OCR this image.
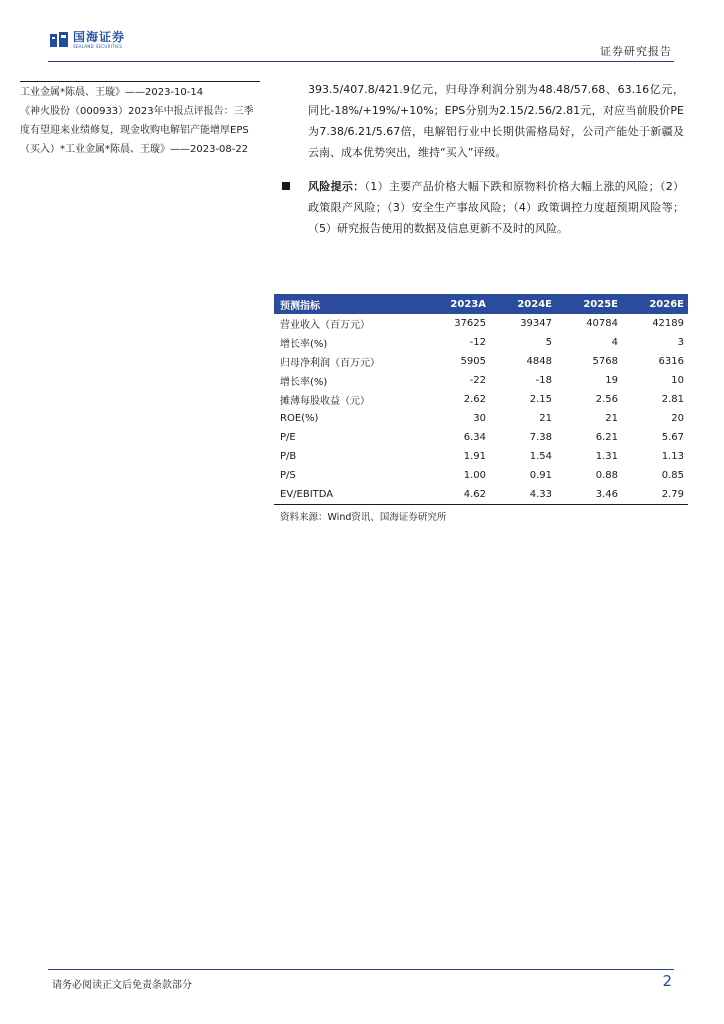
国海证券
SEALAND SECURITIES	证券研究报告

工业金属*陈晨、王璇》——2023-10-14

《神火股份（000933）2023年中报点评报告：三季度有望迎来业绩修复，现金收购电解铝产能增厚EPS（买入）*工业金属*陈晨、王璇》——2023-08-22

393.5/407.8/421.9亿元，归母净利润分别为48.48/57.68、63.16亿元，同比-18%/+19%/+10%；EPS分别为2.15/2.56/2.81元，对应当前股价PE为7.38/6.21/5.67倍，电解铝行业中长期供需格局好，公司产能处于新疆及云南、成本优势突出，维持“买入”评级。

风险提示：（1）主要产品价格大幅下跌和原物料价格大幅上涨的风险；（2）政策限产风险；（3）安全生产事故风险；（4）政策调控力度超预期风险等；（5）研究报告使用的数据及信息更新不及时的风险。

预测指标	2023A	2024E	2025E	2026E
营业收入（百万元）	37625	39347	40784	42189
增长率(%)	-12	5	4	3
归母净利润（百万元）	5905	4848	5768	6316
增长率(%)	-22	-18	19	10
摊薄每股收益（元）	2.62	2.15	2.56	2.81
ROE(%)	30	21	21	20
P/E	6.34	7.38	6.21	5.67
P/B	1.91	1.54	1.31	1.13
P/S	1.00	0.91	0.88	0.85
EV/EBITDA	4.62	4.33	3.46	2.79
资料来源：Wind资讯、国海证券研究所
请务必阅读正文后免责条款部分	2
